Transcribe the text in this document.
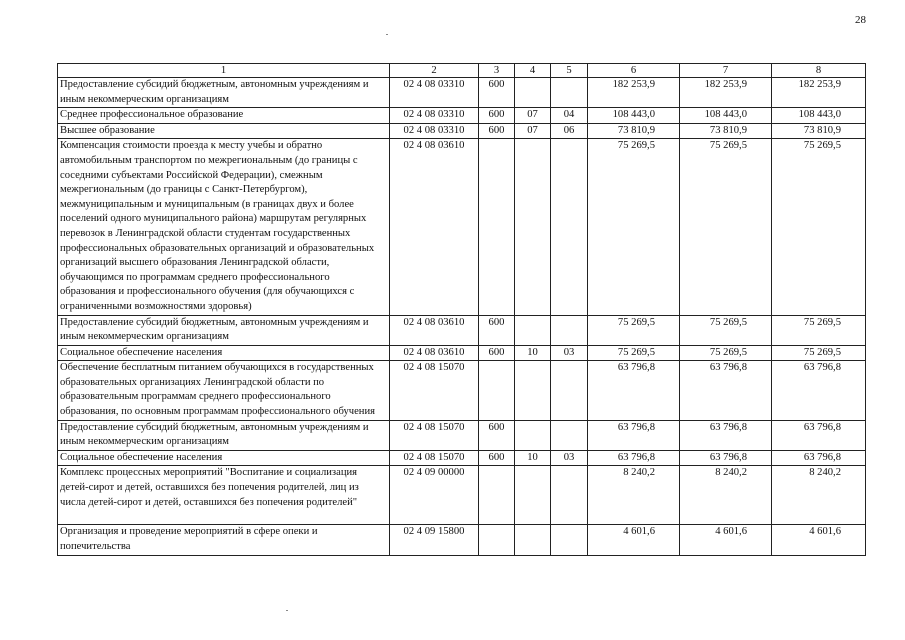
28
1	2	3	4	5	6	7	8
Предоставление субсидий бюджетным, автономным учреждениям и иным некоммерческим организациям	02 4 08 03310	600			182 253,9	182 253,9	182 253,9
Среднее профессиональное образование	02 4 08 03310	600	07	04	108 443,0	108 443,0	108 443,0
Высшее образование	02 4 08 03310	600	07	06	73 810,9	73 810,9	73 810,9
Компенсация стоимости проезда к месту учебы и обратно автомобильным транспортом по межрегиональным (до границы с соседними субъектами Российской Федерации), смежным межрегиональным (до границы с Санкт-Петербургом), межмуниципальным и муниципальным (в границах двух и более поселений одного муниципального района) маршрутам регулярных перевозок в Ленинградской области студентам государственных профессиональных образовательных организаций и образовательных организаций высшего образования Ленинградской области, обучающимся по программам среднего профессионального образования и профессионального обучения (для обучающихся с ограниченными возможностями здоровья)	02 4 08 03610				75 269,5	75 269,5	75 269,5
Предоставление субсидий бюджетным, автономным учреждениям и иным некоммерческим организациям	02 4 08 03610	600			75 269,5	75 269,5	75 269,5
Социальное обеспечение населения	02 4 08 03610	600	10	03	75 269,5	75 269,5	75 269,5
Обеспечение бесплатным питанием обучающихся в государственных образовательных организациях Ленинградской области по образовательным программам среднего профессионального образования, по основным программам профессионального обучения	02 4 08 15070				63 796,8	63 796,8	63 796,8
Предоставление субсидий бюджетным, автономным учреждениям и иным некоммерческим организациям	02 4 08 15070	600			63 796,8	63 796,8	63 796,8
Социальное обеспечение населения	02 4 08 15070	600	10	03	63 796,8	63 796,8	63 796,8
Комплекс процессных мероприятий "Воспитание и социализация детей-сирот и детей, оставшихся без попечения родителей, лиц из числа детей-сирот и детей, оставшихся без попечения родителей"	02 4 09 00000				8 240,2	8 240,2	8 240,2
Организация и проведение мероприятий в сфере опеки и попечительства	02 4 09 15800				4 601,6	4 601,6	4 601,6
